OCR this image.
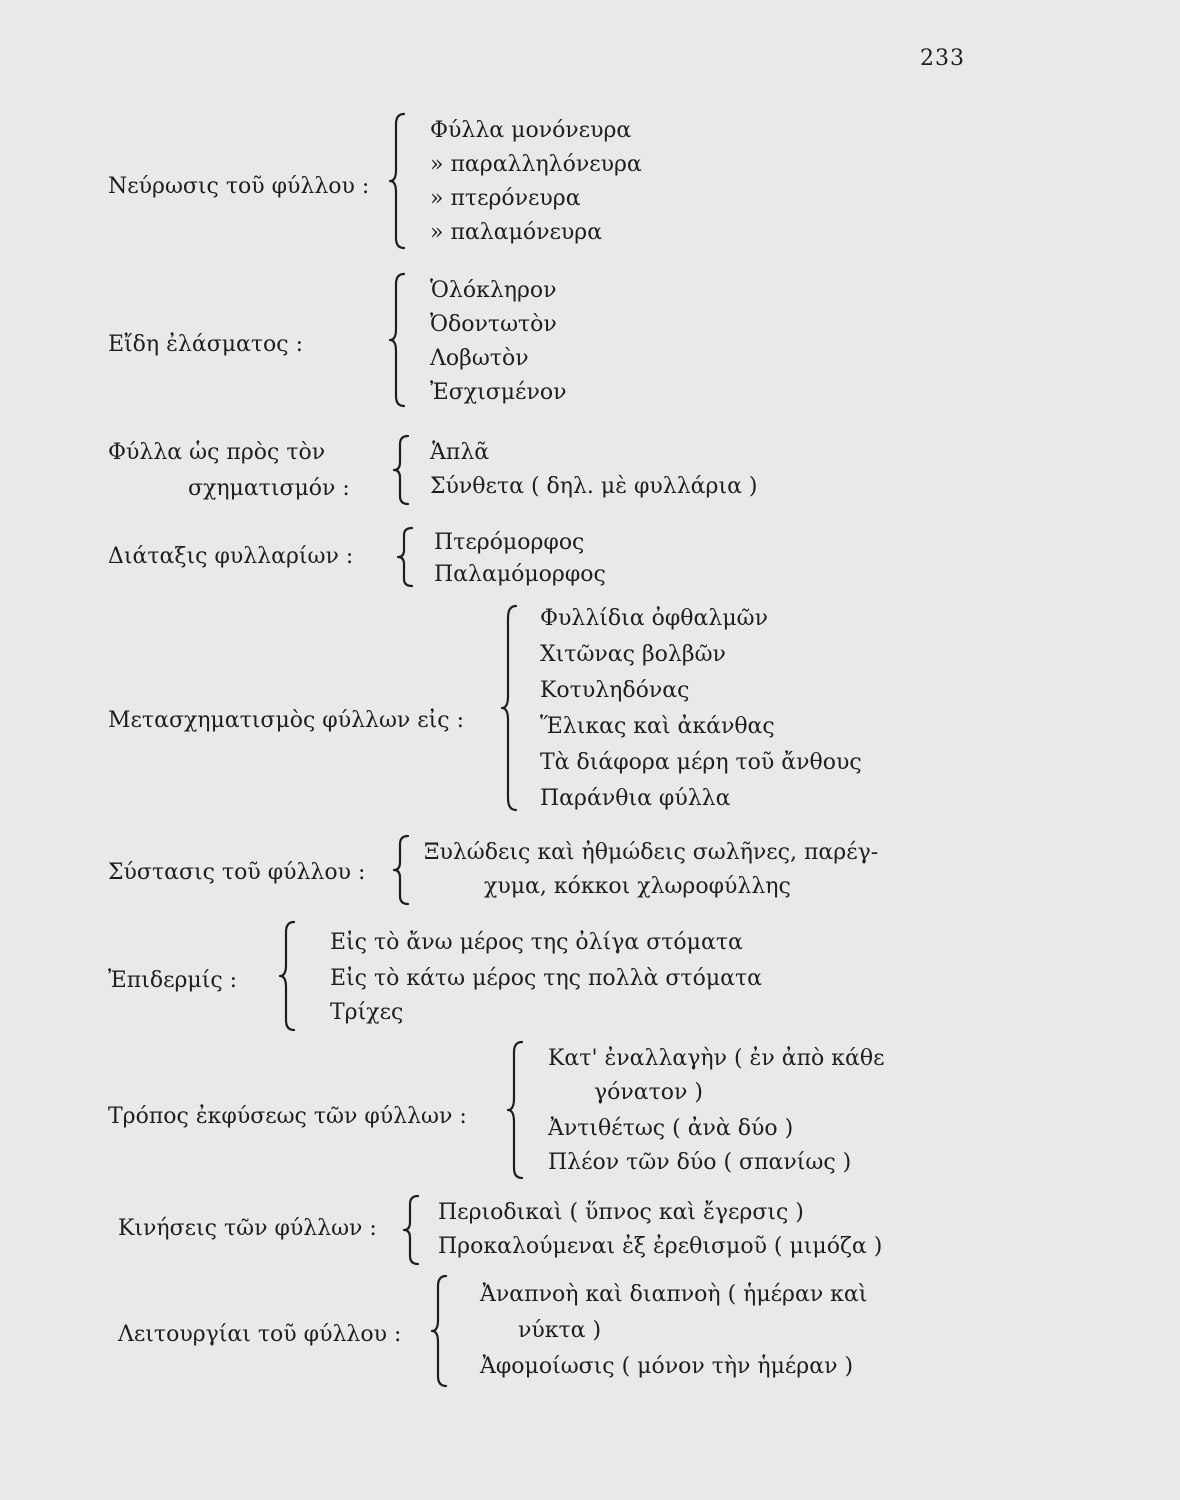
233
Νεύρωσις τοῦ φύλλου :
Φύλλα μονόνευρα
» παραλληλόνευρα
» πτερόνευρα
» παλαμόνευρα
Εἴδη ἐλάσματος :
Ὁλόκληρον
Ὀδοντωτὸν
Λοβωτὸν
Ἐσχισμένον
Φύλλα ὡς πρὸς τὸν
σχηματισμόν :
Ἁπλᾶ
Σύνθετα ( δηλ. μὲ φυλλάρια )
Διάταξις φυλλαρίων :
Πτερόμορφος
Παλαμόμορφος
Μετασχηματισμὸς φύλλων εἰς :
Φυλλίδια ὀφθαλμῶν
Χιτῶνας βολβῶν
Κοτυληδόνας
Ἕλικας καὶ ἀκάνθας
Τὰ διάφορα μέρη τοῦ ἄνθους
Παράνθια φύλλα
Σύστασις τοῦ φύλλου :
Ξυλώδεις καὶ ἠθμώδεις σωλῆνες, παρέγ-
χυμα, κόκκοι χλωροφύλλης
Ἐπιδερμίς :
Εἰς τὸ ἄνω μέρος της ὀλίγα στόματα
Εἰς τὸ κάτω μέρος της πολλὰ στόματα
Τρίχες
Τρόπος ἐκφύσεως τῶν φύλλων :
Κατ' ἐναλλαγὴν ( ἐν ἀπὸ κάθε
γόνατον )
Ἀντιθέτως ( ἀνὰ δύο )
Πλέον τῶν δύο ( σπανίως )
Κινήσεις τῶν φύλλων :
Περιοδικαὶ ( ὕπνος καὶ ἔγερσις )
Προκαλούμεναι ἐξ ἐρεθισμοῦ ( μιμόζα )
Λειτουργίαι τοῦ φύλλου :
Ἀναπνοὴ καὶ διαπνοὴ ( ἡμέραν καὶ
νύκτα )
Ἀφομοίωσις ( μόνον τὴν ἡμέραν )
